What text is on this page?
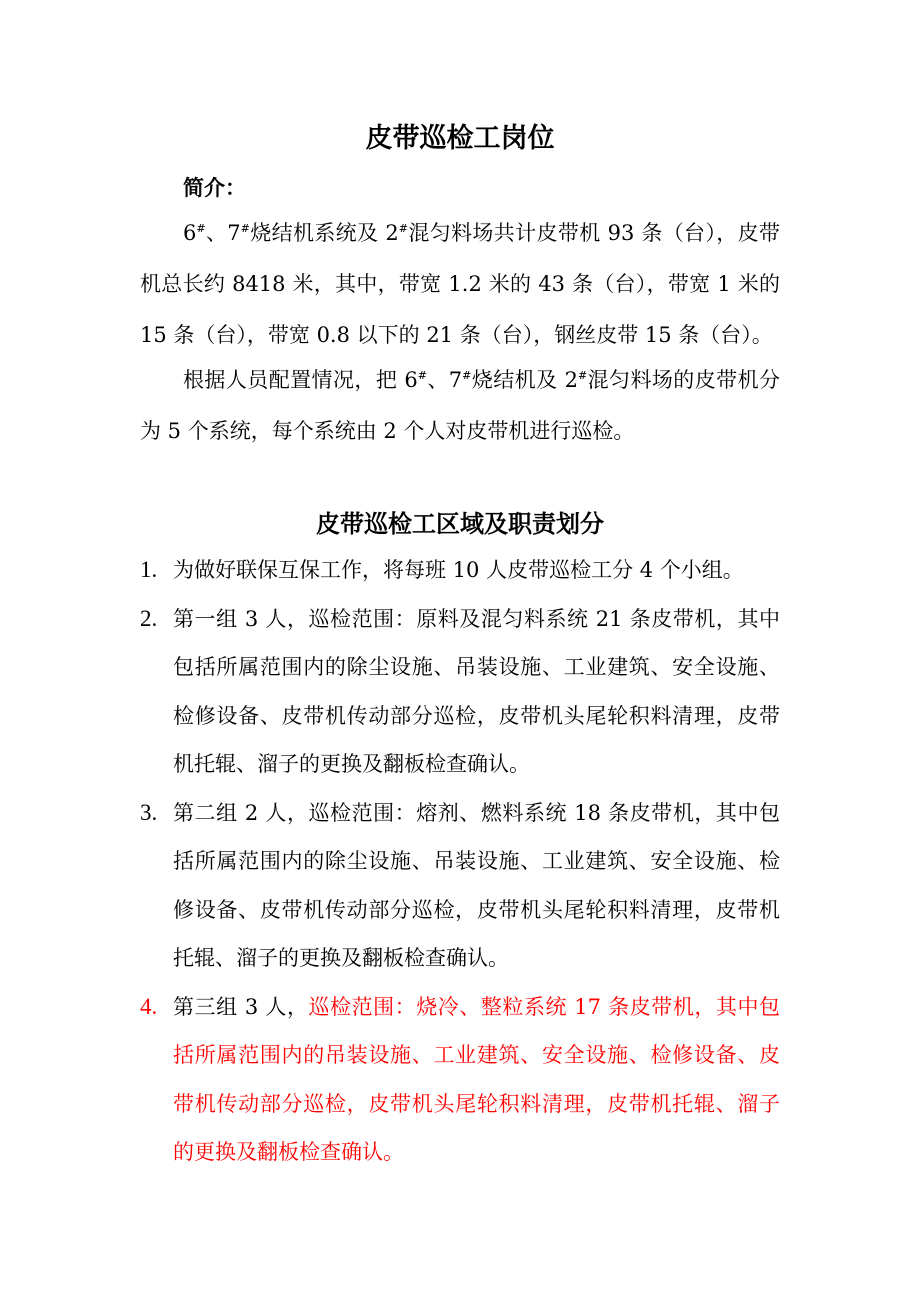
皮带巡检工岗位
简介：
6#、7#烧结机系统及 2#混匀料场共计皮带机 93 条（台），皮带机总长约 8418 米，其中，带宽 1.2 米的 43 条（台），带宽 1 米的 15 条（台），带宽 0.8 以下的 21 条（台），钢丝皮带 15 条（台）。
根据人员配置情况，把 6#、7#烧结机及 2#混匀料场的皮带机分为 5 个系统，每个系统由 2 个人对皮带机进行巡检。
皮带巡检工区域及职责划分
1. 为做好联保互保工作，将每班 10 人皮带巡检工分 4 个小组。
2. 第一组 3 人，巡检范围：原料及混匀料系统 21 条皮带机，其中包括所属范围内的除尘设施、吊装设施、工业建筑、安全设施、检修设备、皮带机传动部分巡检，皮带机头尾轮积料清理，皮带机托辊、溜子的更换及翻板检查确认。
3. 第二组 2 人，巡检范围：熔剂、燃料系统 18 条皮带机，其中包括所属范围内的除尘设施、吊装设施、工业建筑、安全设施、检修设备、皮带机传动部分巡检，皮带机头尾轮积料清理，皮带机托辊、溜子的更换及翻板检查确认。
4. 第三组 3 人，巡检范围：烧冷、整粒系统 17 条皮带机，其中包括所属范围内的吊装设施、工业建筑、安全设施、检修设备、皮带机传动部分巡检，皮带机头尾轮积料清理，皮带机托辊、溜子的更换及翻板检查确认。
